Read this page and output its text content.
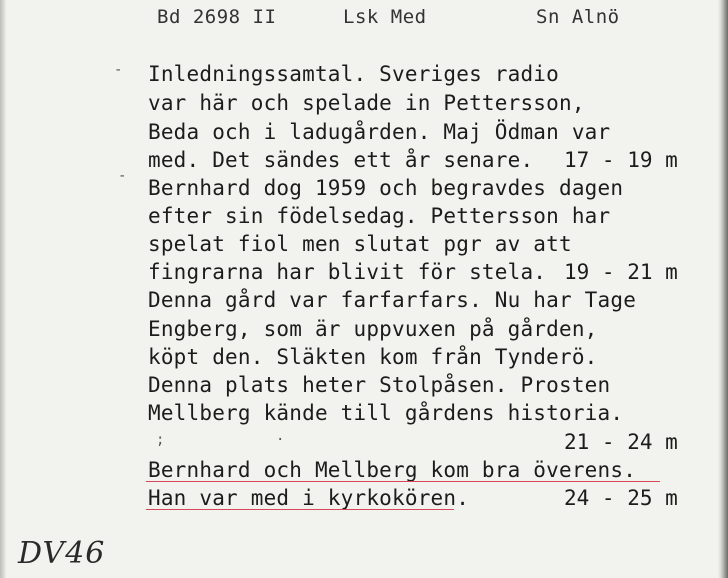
Bd 2698 II	Lsk Med	Sn Alnö
‐
‐
Inledningssamtal. Sveriges radio
var här och spelade in Pettersson,
Beda och i ladugården. Maj Ödman var
med. Det sändes ett år senare. 17 - 19 m
Bernhard dog 1959 och begravdes dagen
efter sin födelsedag. Pettersson har
spelat fiol men slutat pgr av att
fingrarna har blivit för stela. 19 - 21 m
Denna gård var farfarfars. Nu har Tage
Engberg, som är uppvuxen på gården,
köpt den. Släkten kom från Tynderö.
Denna plats heter Stolpåsen. Prosten
Mellberg kände till gårdens historia.
;	·	21 - 24 m
Bernhard och Mellberg kom bra överens.
Han var med i kyrkokören.	24 - 25 m
DV46
